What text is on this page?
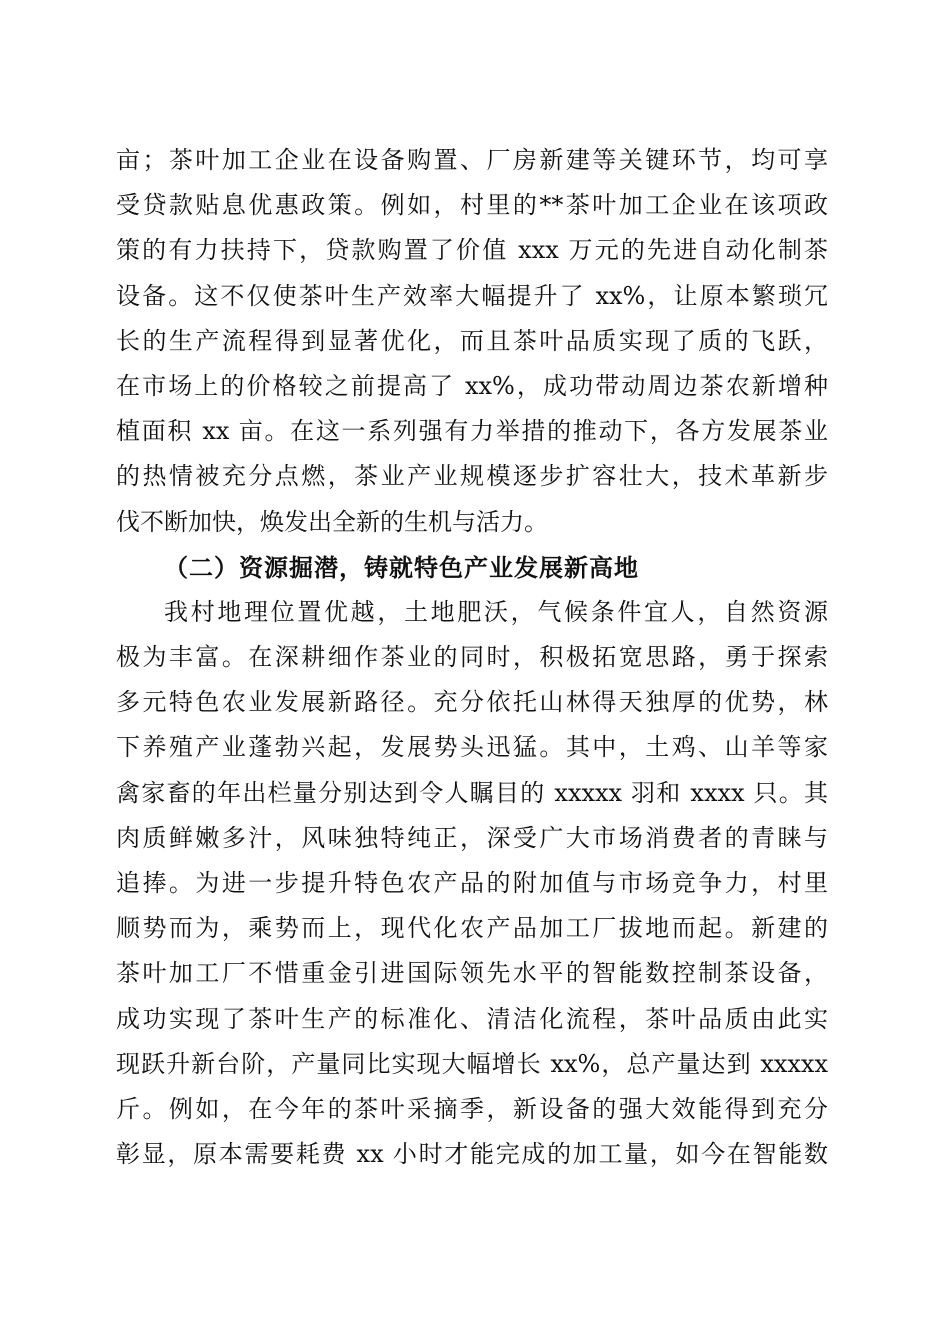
亩；茶叶加工企业在设备购置、厂房新建等关键环节，均可享
受贷款贴息优惠政策。例如，村里的**茶叶加工企业在该项政
策的有力扶持下，贷款购置了价值 xxx 万元的先进自动化制茶
设备。这不仅使茶叶生产效率大幅提升了 xx%，让原本繁琐冗
长的生产流程得到显著优化，而且茶叶品质实现了质的飞跃，
在市场上的价格较之前提高了 xx%，成功带动周边茶农新增种
植面积 xx 亩。在这一系列强有力举措的推动下，各方发展茶业
的热情被充分点燃，茶业产业规模逐步扩容壮大，技术革新步
伐不断加快，焕发出全新的生机与活力。
（二）资源掘潜，铸就特色产业发展新高地
我村地理位置优越，土地肥沃，气候条件宜人，自然资源
极为丰富。在深耕细作茶业的同时，积极拓宽思路，勇于探索
多元特色农业发展新路径。充分依托山林得天独厚的优势，林
下养殖产业蓬勃兴起，发展势头迅猛。其中，土鸡、山羊等家
禽家畜的年出栏量分别达到令人瞩目的 xxxxx 羽和 xxxx 只。其
肉质鲜嫩多汁，风味独特纯正，深受广大市场消费者的青睐与
追捧。为进一步提升特色农产品的附加值与市场竞争力，村里
顺势而为，乘势而上，现代化农产品加工厂拔地而起。新建的
茶叶加工厂不惜重金引进国际领先水平的智能数控制茶设备，
成功实现了茶叶生产的标准化、清洁化流程，茶叶品质由此实
现跃升新台阶，产量同比实现大幅增长 xx%，总产量达到 xxxxx
斤。例如，在今年的茶叶采摘季，新设备的强大效能得到充分
彰显，原本需要耗费 xx 小时才能完成的加工量，如今在智能数
